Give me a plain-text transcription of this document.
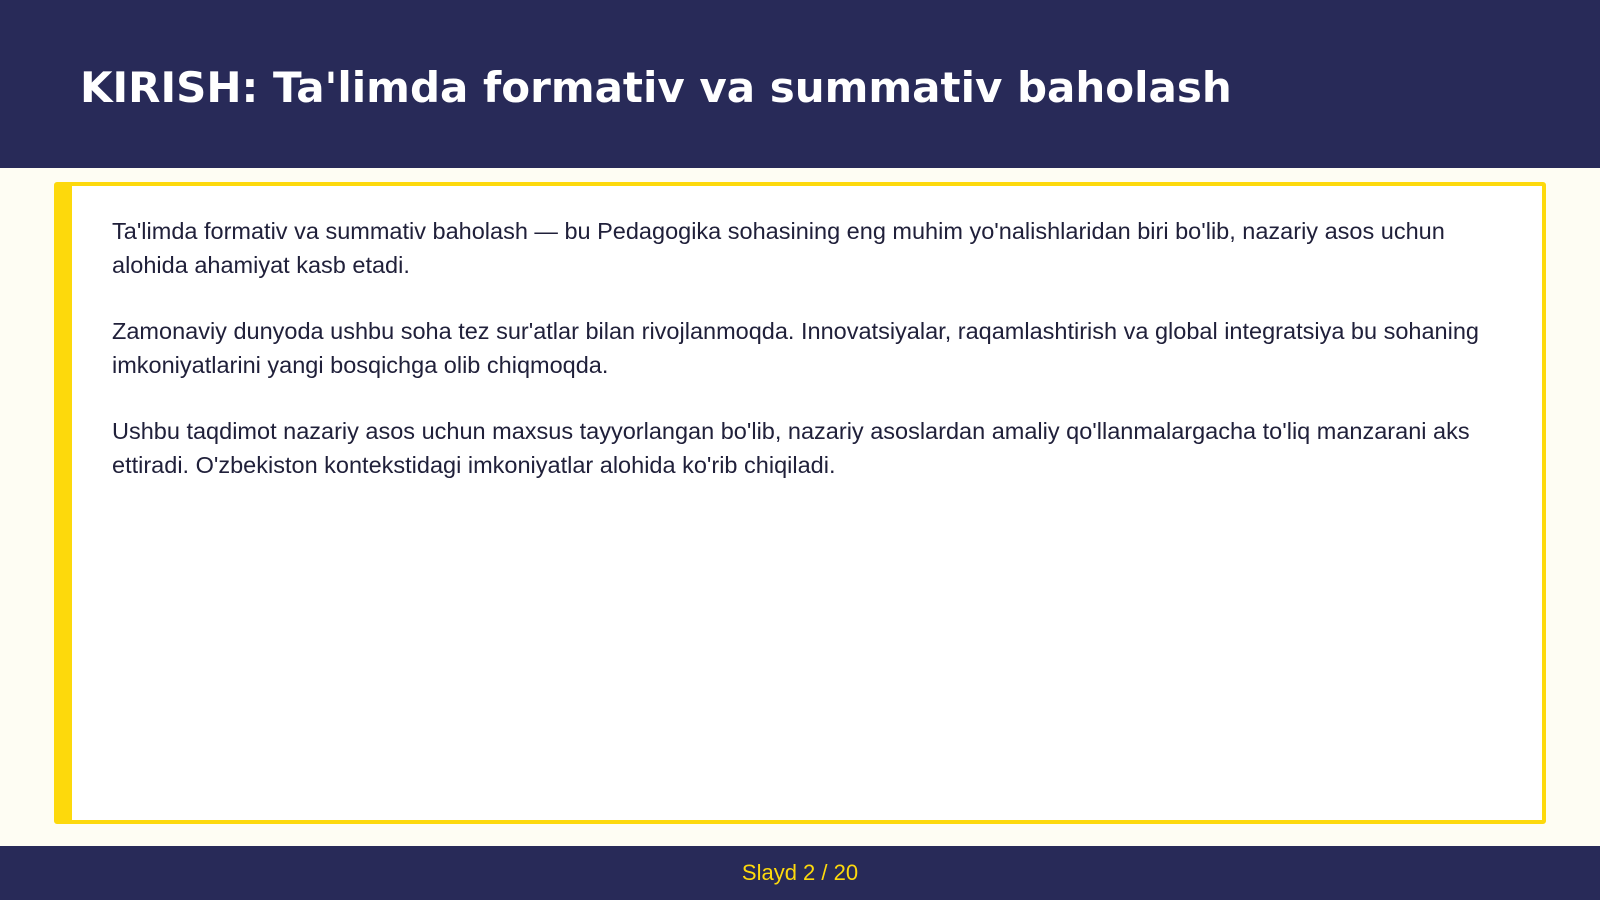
KIRISH: Ta'limda formativ va summativ baholash

Ta'limda formativ va summativ baholash — bu Pedagogika sohasining eng muhim yo'nalishlaridan biri bo'lib, nazariy asos uchun alohida ahamiyat kasb etadi.

Zamonaviy dunyoda ushbu soha tez sur'atlar bilan rivojlanmoqda. Innovatsiyalar, raqamlashtirish va global integratsiya bu sohaning imkoniyatlarini yangi bosqichga olib chiqmoqda.

Ushbu taqdimot nazariy asos uchun maxsus tayyorlangan bo'lib, nazariy asoslardan amaliy qo'llanmalargacha to'liq manzarani aks ettiradi. O'zbekiston kontekstidagi imkoniyatlar alohida ko'rib chiqiladi.

Slayd 2 / 20
